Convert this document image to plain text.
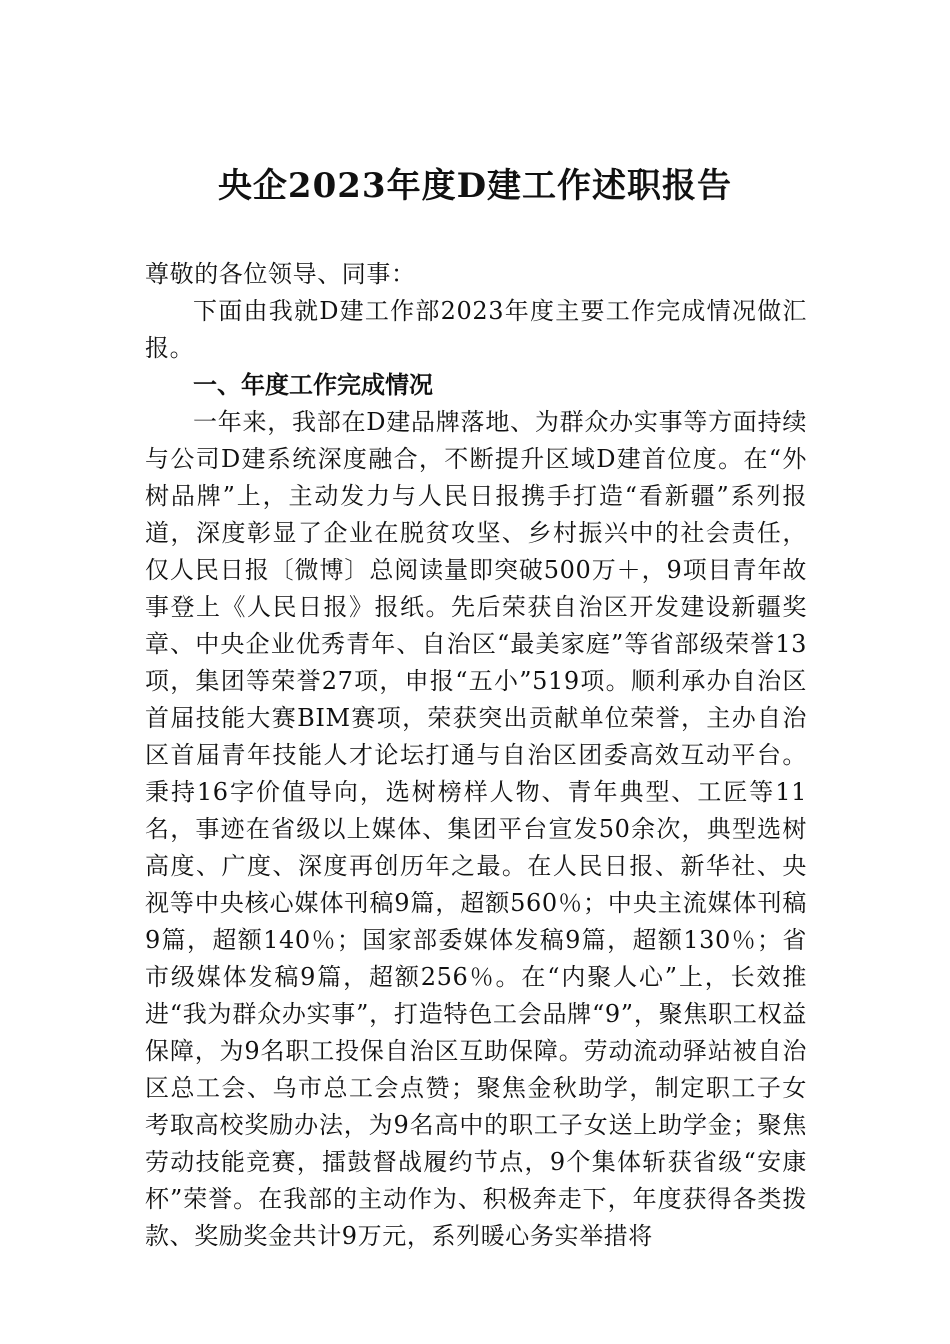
央企2023年度D建工作述职报告

尊敬的各位领导、同事：

下面由我就D建工作部2023年度主要工作完成情况做汇报。

一、年度工作完成情况

一年来，我部在D建品牌落地、为群众办实事等方面持续与公司D建系统深度融合，不断提升区域D建首位度。在“外树品牌”上，主动发力与人民日报携手打造“看新疆”系列报道，深度彰显了企业在脱贫攻坚、乡村振兴中的社会责任，仅人民日报〔微博〕总阅读量即突破500万＋，9项目青年故事登上《人民日报》报纸。先后荣获自治区开发建设新疆奖章、中央企业优秀青年、自治区“最美家庭”等省部级荣誉13项，集团等荣誉27项，申报“五小”519项。顺利承办自治区首届技能大赛BIM赛项，荣获突出贡献单位荣誉，主办自治区首届青年技能人才论坛打通与自治区团委高效互动平台。秉持16字价值导向，选树榜样人物、青年典型、工匠等11名，事迹在省级以上媒体、集团平台宣发50余次，典型选树高度、广度、深度再创历年之最。在人民日报、新华社、央视等中央核心媒体刊稿9篇，超额560％；中央主流媒体刊稿9篇，超额140％；国家部委媒体发稿9篇，超额130％；省市级媒体发稿9篇，超额256％。在“内聚人心”上，长效推进“我为群众办实事”，打造特色工会品牌“9”，聚焦职工权益保障，为9名职工投保自治区互助保障。劳动流动驿站被自治区总工会、乌市总工会点赞；聚焦金秋助学，制定职工子女考取高校奖励办法，为9名高中的职工子女送上助学金；聚焦劳动技能竞赛，擂鼓督战履约节点，9个集体斩获省级“安康杯”荣誉。在我部的主动作为、积极奔走下，年度获得各类拨款、奖励奖金共计9万元，系列暖心务实举措将
